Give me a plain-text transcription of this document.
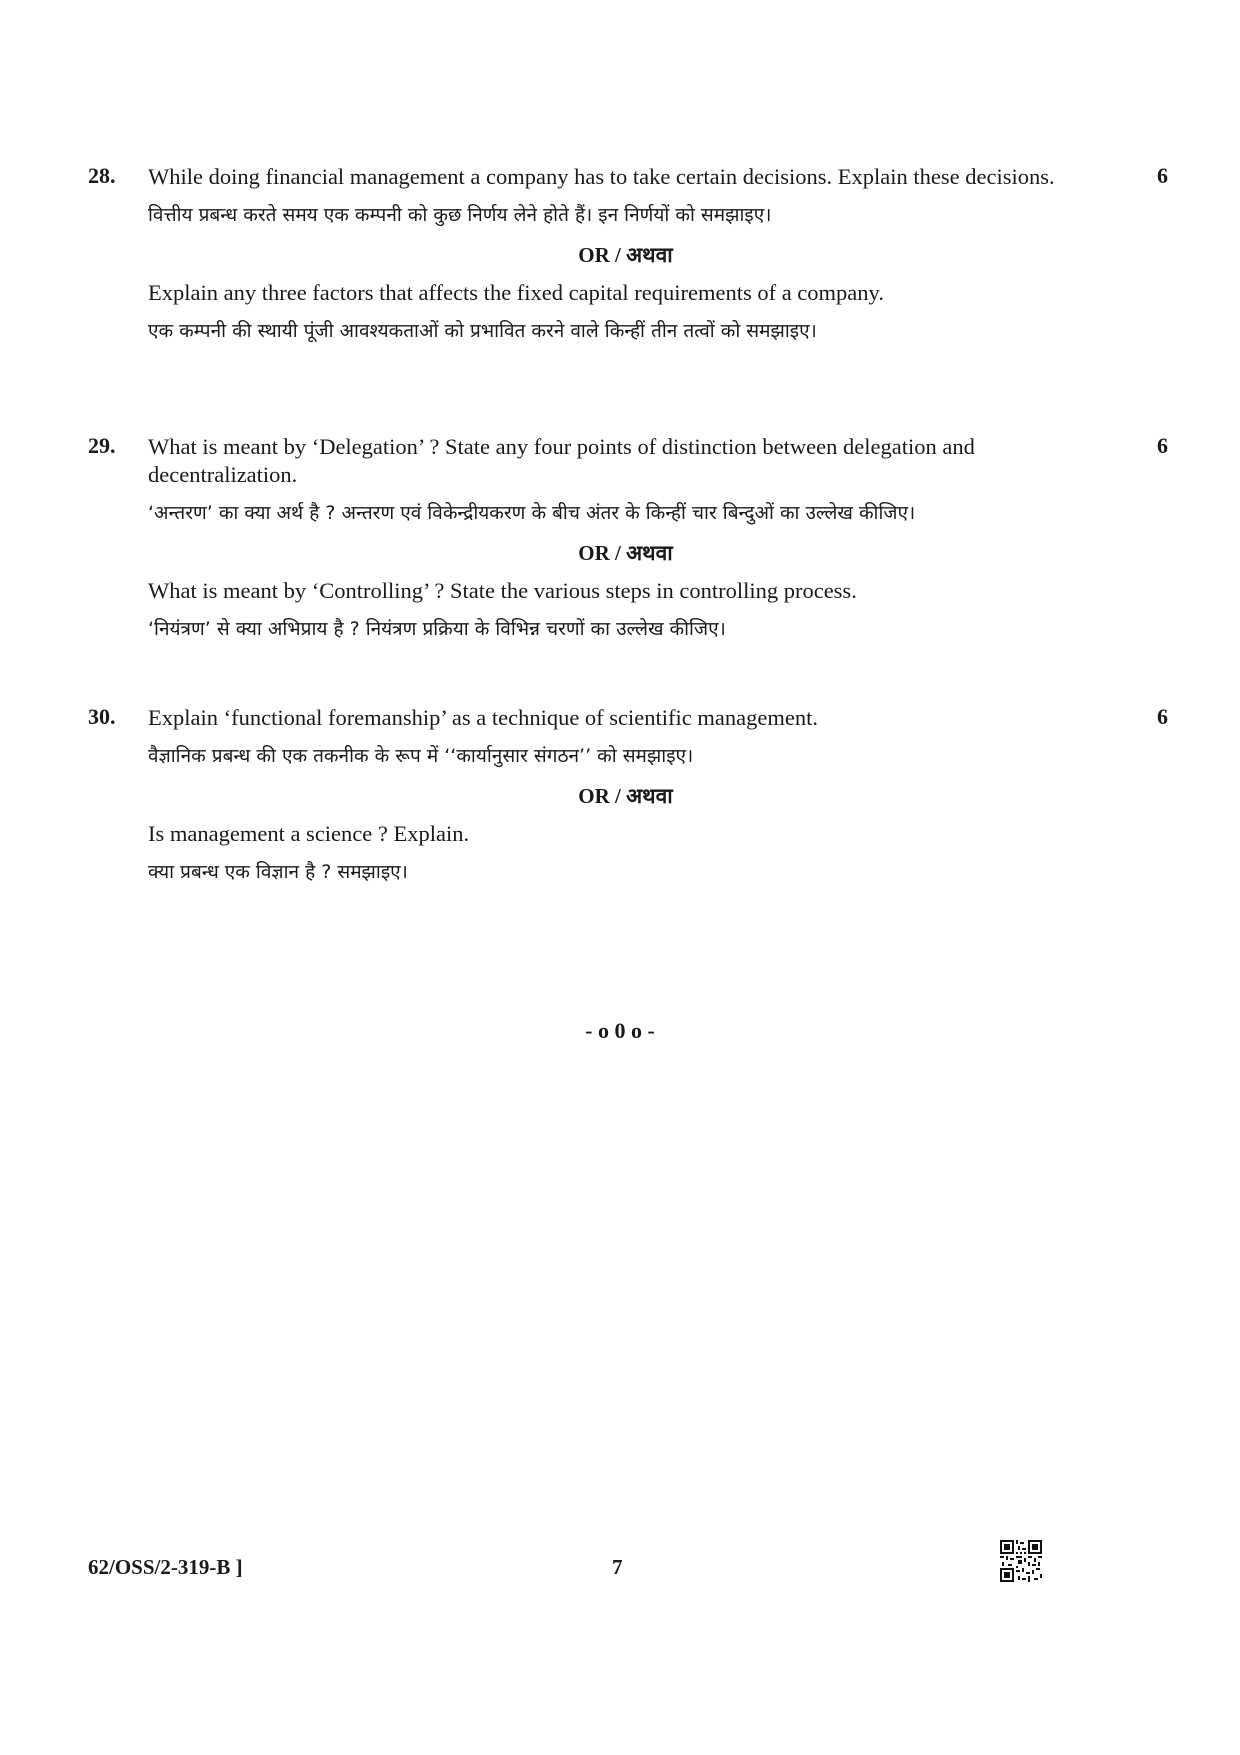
28. While doing financial management a company has to take certain decisions. Explain these decisions.

वित्तीय प्रबन्ध करते समय एक कम्पनी को कुछ निर्णय लेने होते हैं। इन निर्णयों को समझाइए।

OR / अथवा

Explain any three factors that affects the fixed capital requirements of a company.

एक कम्पनी की स्थायी पूंजी आवश्यकताओं को प्रभावित करने वाले किन्हीं तीन तत्वों को समझाइए।

6
29. What is meant by ‘Delegation’ ? State any four points of distinction between delegation and decentralization.

‘अन्तरण’ का क्या अर्थ है ? अन्तरण एवं विकेन्द्रीयकरण के बीच अंतर के किन्हीं चार बिन्दुओं का उल्लेख कीजिए।

OR / अथवा

What is meant by ‘Controlling’ ? State the various steps in controlling process.

‘नियंत्रण’ से क्या अभिप्राय है ? नियंत्रण प्रक्रिया के विभिन्न चरणों का उल्लेख कीजिए।

6
30. Explain ‘functional foremanship’ as a technique of scientific management.

वैज्ञानिक प्रबन्ध की एक तकनीक के रूप में ‘‘कार्यानुसार संगठन’’ को समझाइए।

OR / अथवा

Is management a science ? Explain.

क्या प्रबन्ध एक विज्ञान है ? समझाइए।

6
- o 0 o -
62/OSS/2-319-B ]	7
